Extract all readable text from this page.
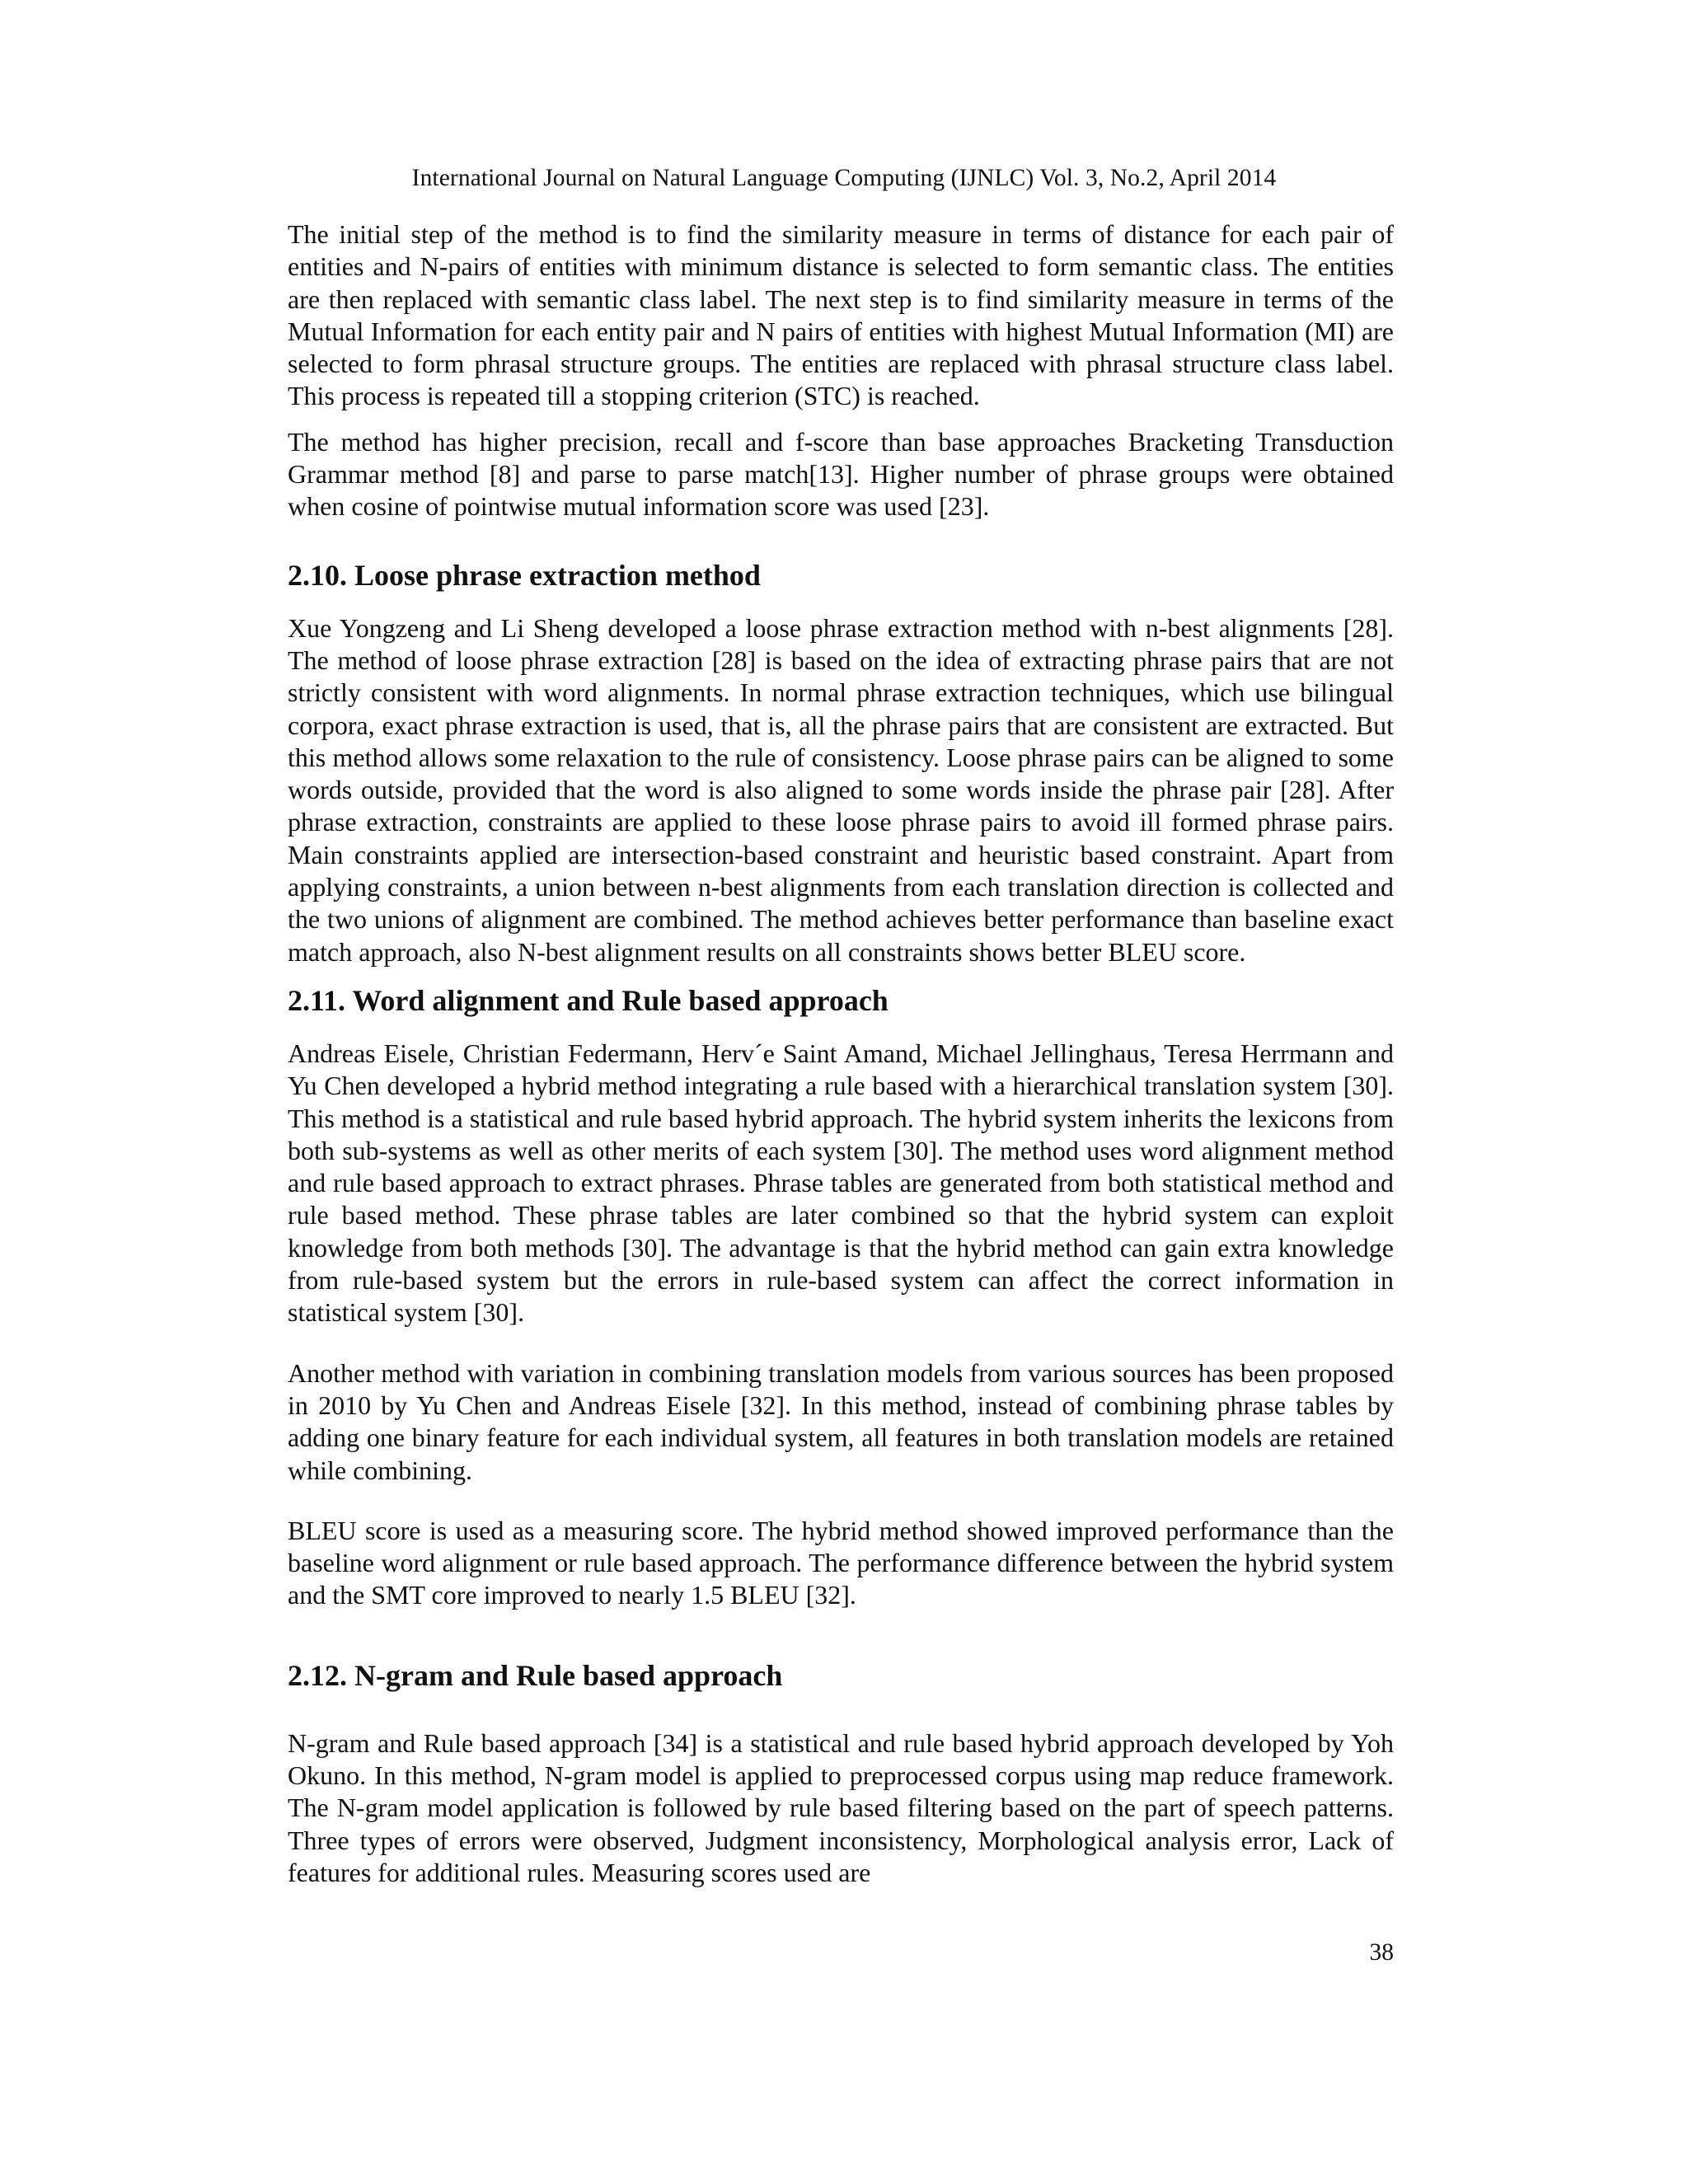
International Journal on Natural Language Computing (IJNLC) Vol. 3, No.2, April 2014

The initial step of the method is to find the similarity measure in terms of distance for each pair of entities and N-pairs of entities with minimum distance is selected to form semantic class. The entities are then replaced with semantic class label. The next step is to find similarity measure in terms of the Mutual Information for each entity pair and N pairs of entities with highest Mutual Information (MI) are selected to form phrasal structure groups. The entities are replaced with phrasal structure class label. This process is repeated till a stopping criterion (STC) is reached.

The method has higher precision, recall and f-score than base approaches Bracketing Transduction Grammar method [8] and parse to parse match[13]. Higher number of phrase groups were obtained when cosine of pointwise mutual information score was used [23].

2.10. Loose phrase extraction method

Xue Yongzeng and Li Sheng developed a loose phrase extraction method with n-best alignments [28]. The method of loose phrase extraction [28] is based on the idea of extracting phrase pairs that are not strictly consistent with word alignments. In normal phrase extraction techniques, which use bilingual corpora, exact phrase extraction is used, that is, all the phrase pairs that are consistent are extracted. But this method allows some relaxation to the rule of consistency. Loose phrase pairs can be aligned to some words outside, provided that the word is also aligned to some words inside the phrase pair [28]. After phrase extraction, constraints are applied to these loose phrase pairs to avoid ill formed phrase pairs. Main constraints applied are intersection-based constraint and heuristic based constraint. Apart from applying constraints, a union between n-best alignments from each translation direction is collected and the two unions of alignment are combined. The method achieves better performance than baseline exact match approach, also N-best alignment results on all constraints shows better BLEU score.

2.11. Word alignment and Rule based approach

Andreas Eisele, Christian Federmann, Herv´e Saint Amand, Michael Jellinghaus, Teresa Herrmann and Yu Chen developed a hybrid method integrating a rule based with a hierarchical translation system [30]. This method is a statistical and rule based hybrid approach. The hybrid system inherits the lexicons from both sub-systems as well as other merits of each system [30]. The method uses word alignment method and rule based approach to extract phrases. Phrase tables are generated from both statistical method and rule based method. These phrase tables are later combined so that the hybrid system can exploit knowledge from both methods [30]. The advantage is that the hybrid method can gain extra knowledge from rule-based system but the errors in rule-based system can affect the correct information in statistical system [30].

Another method with variation in combining translation models from various sources has been proposed in 2010 by Yu Chen and Andreas Eisele [32]. In this method, instead of combining phrase tables by adding one binary feature for each individual system, all features in both translation models are retained while combining.

BLEU score is used as a measuring score. The hybrid method showed improved performance than the baseline word alignment or rule based approach. The performance difference between the hybrid system and the SMT core improved to nearly 1.5 BLEU [32].

2.12. N-gram and Rule based approach

N-gram and Rule based approach [34] is a statistical and rule based hybrid approach developed by Yoh Okuno. In this method, N-gram model is applied to preprocessed corpus using map reduce framework. The N-gram model application is followed by rule based filtering based on the part of speech patterns. Three types of errors were observed, Judgment inconsistency, Morphological analysis error, Lack of features for additional rules. Measuring scores used are

38
